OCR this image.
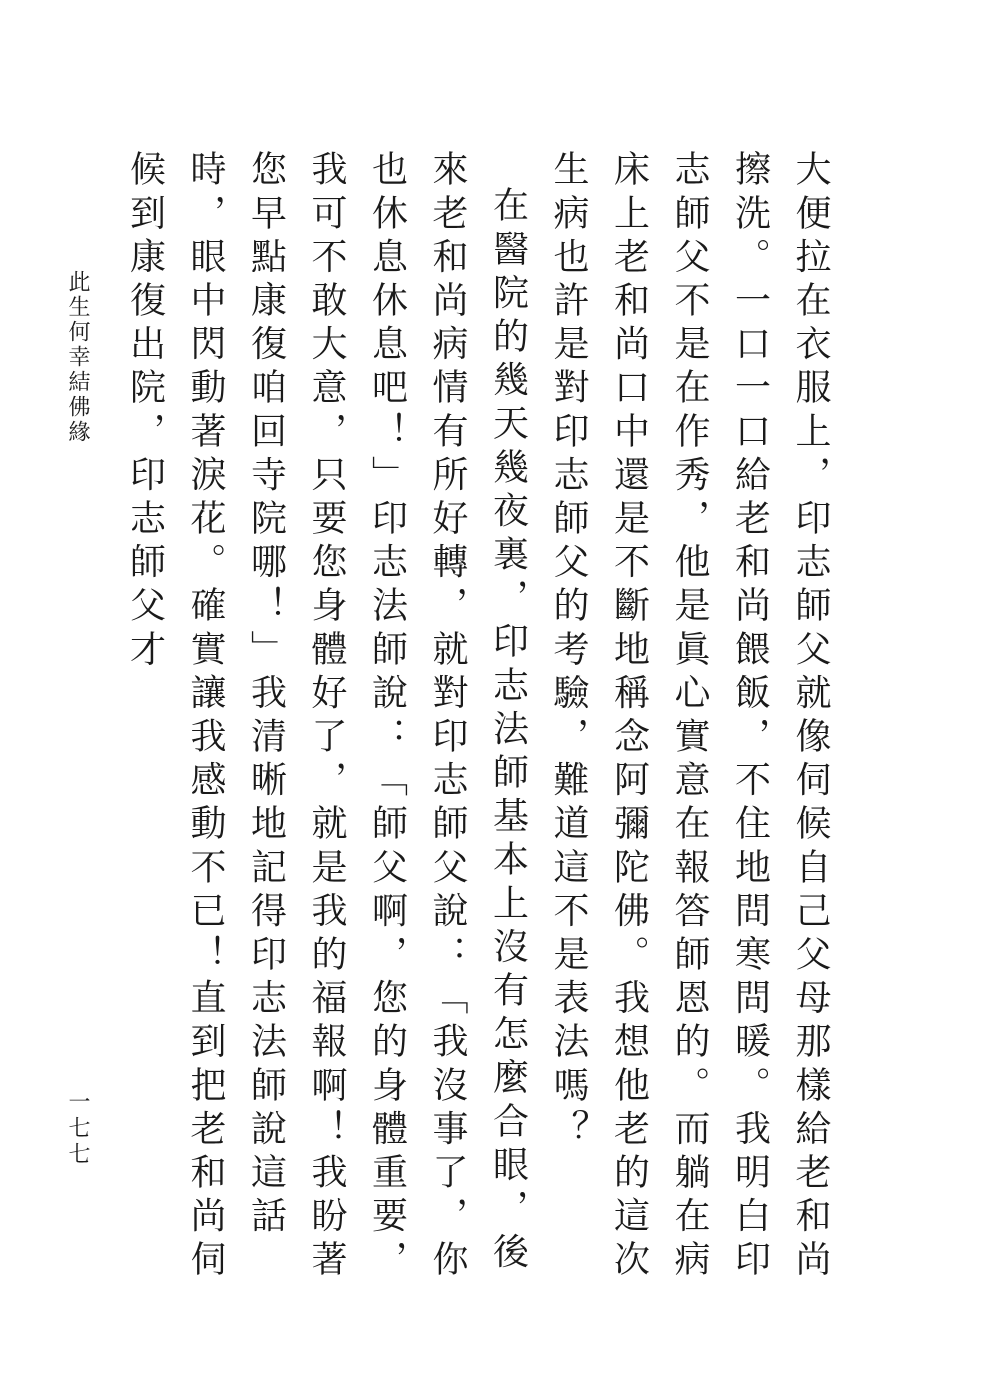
大便拉在衣服上，印志師父就像伺候自己父母那樣給老和尚擦洗。一口一口給老和尚餵飯，不住地問寒問暖。我明白印志師父不是在作秀，他是眞心實意在報答師恩的。而躺在病床上老和尚口中還是不斷地稱念阿彌陀佛。我想他老的這次生病也許是對印志師父的考驗，難道這不是表法嗎？

在醫院的幾天幾夜裏，印志法師基本上沒有怎麼合眼，後來老和尚病情有所好轉，就對印志師父說：「我沒事了，你也休息休息吧！」印志法師說：「師父啊，您的身體重要，我可不敢大意，只要您身體好了，就是我的福報啊！我盼著您早點康復咱回寺院哪！」我清晰地記得印志法師說這話時，眼中閃動著淚花。確實讓我感動不已！直到把老和尚伺候到康復出院，印志師父才

此生何幸結佛緣
一七七
